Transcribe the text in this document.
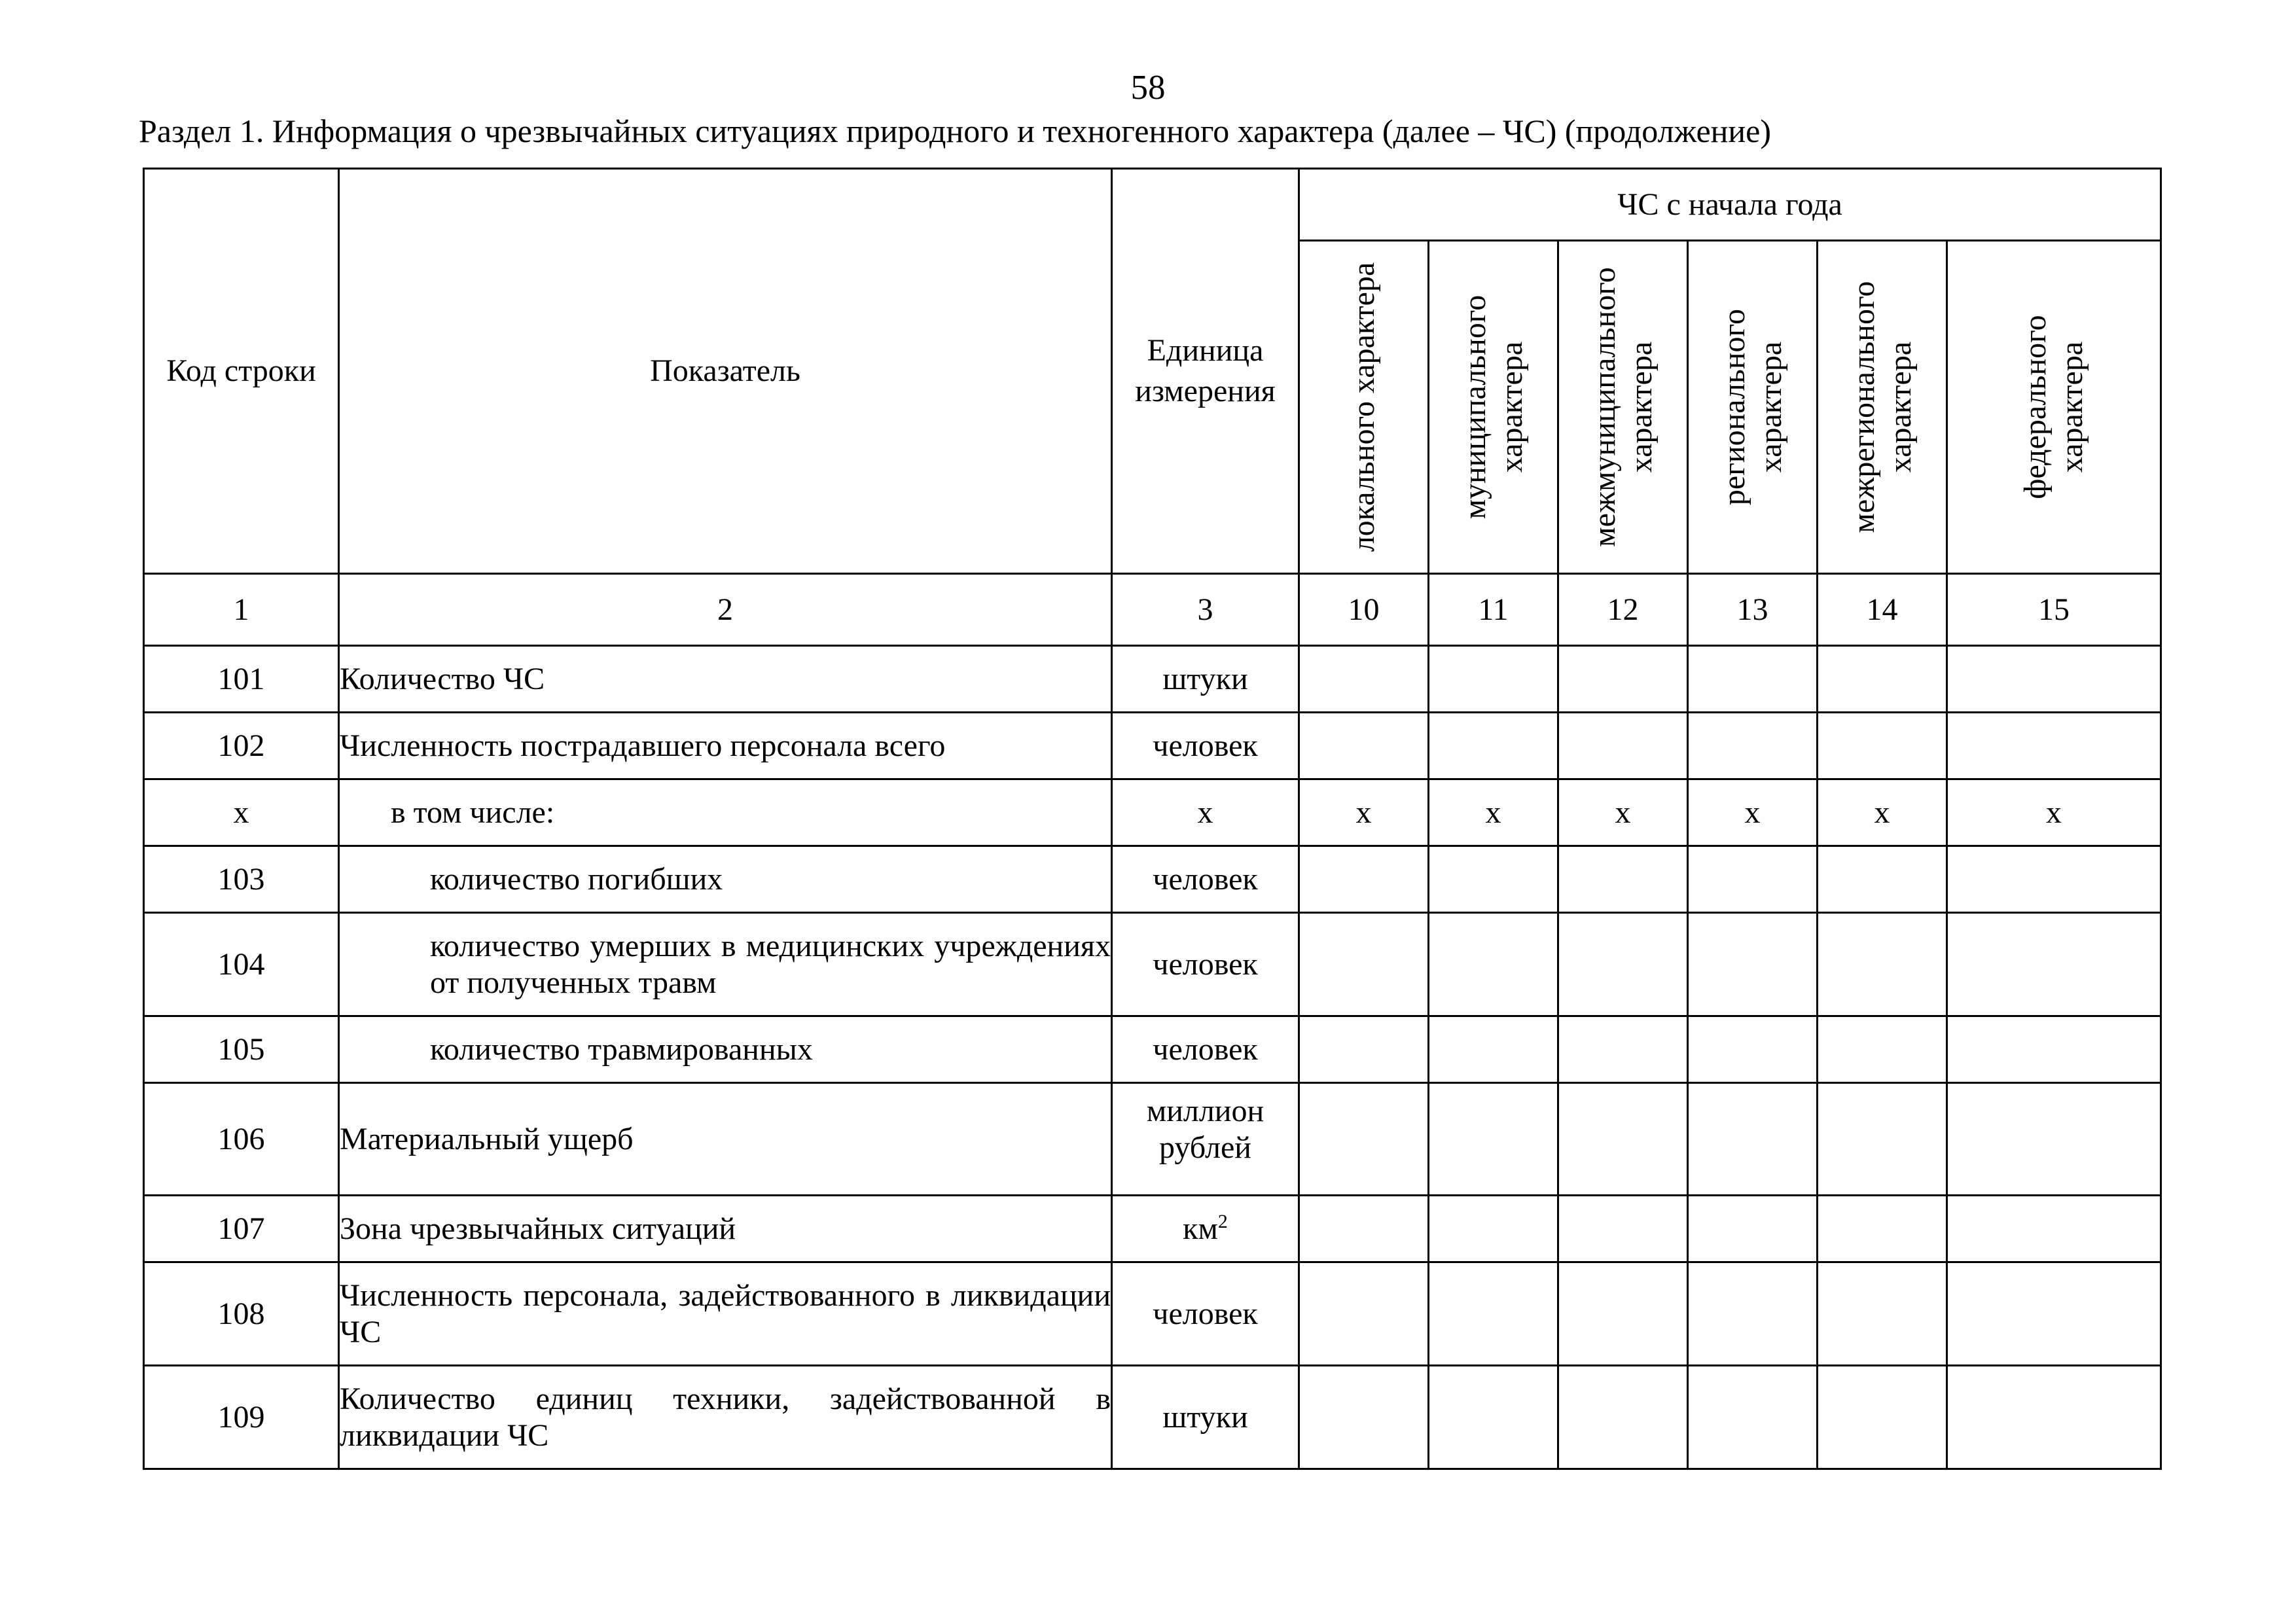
58
Раздел 1. Информация о чрезвычайных ситуациях природного и техногенного характера (далее – ЧС) (продолжение)
Код строки	Показатель	Единица измерения	ЧС с начала года					

			локального характера	муниципального характера	межмуниципального характера	регионального характера	межрегионального характера	федерального характера

1	2	3	10	11	12	13	14	15
101	Количество ЧС	штуки						
102	Численность пострадавшего персонала всего	человек						
х	в том числе:	х	х	х	х	х	х	х
103	количество погибших	человек						
104	количество умерших в медицинских учреждениях от полученных травм	человек						
105	количество травмированных	человек						
106	Материальный ущерб	миллион рублей						
107	Зона чрезвычайных ситуаций	$км^2$						
108	Численность персонала, задействованного в ликвидации ЧС	человек						
109	Количество единиц техники, задействованной в ликвидации ЧС	штуки						
